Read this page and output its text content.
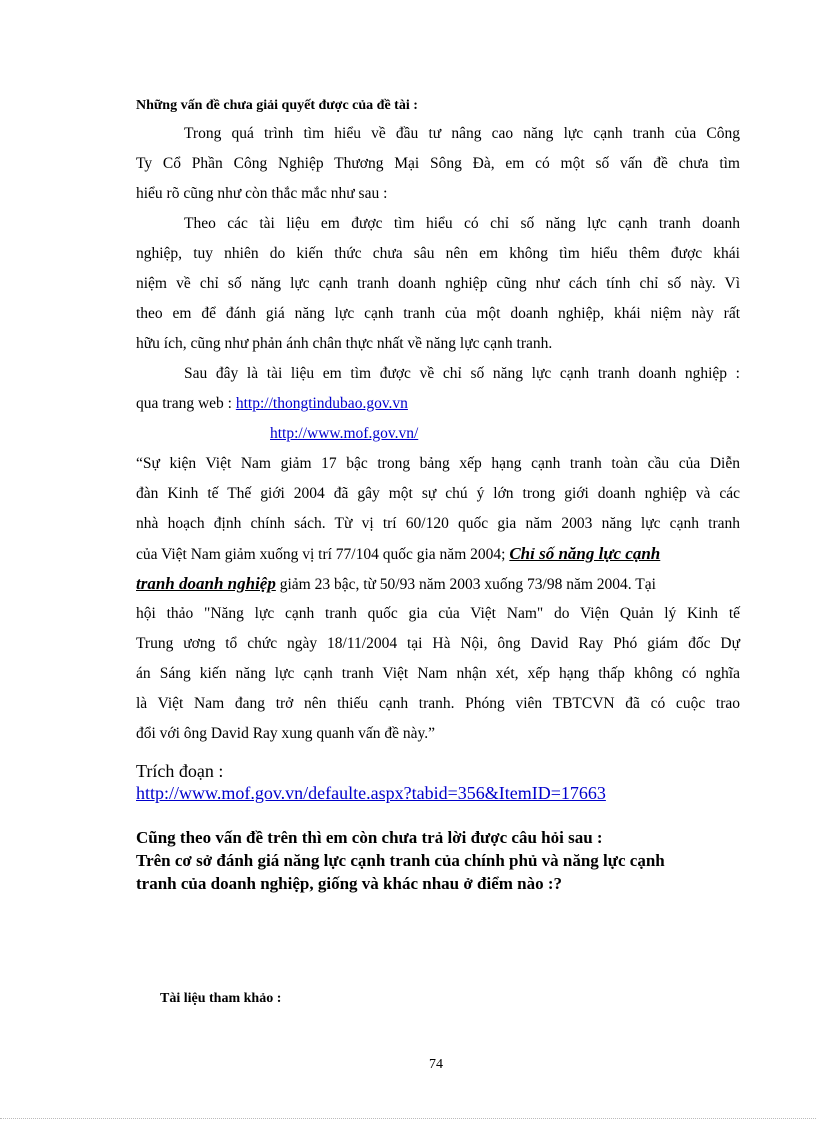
Những vấn đề chưa giải quyết được của đề tài :
Trong quá trình tìm hiểu về đầu tư nâng cao năng lực cạnh tranh của Công
Ty Cổ Phần Công Nghiệp Thương Mại Sông Đà, em có một số vấn đề chưa tìm
hiểu rõ cũng như còn thắc mắc như sau :
Theo các tài liệu em được tìm hiểu có chỉ số năng lực cạnh tranh doanh
nghiệp, tuy nhiên do kiến thức chưa sâu nên em không tìm hiểu thêm được khái
niệm về chỉ số năng lực cạnh tranh doanh nghiệp cũng như cách tính chỉ số này. Vì
theo em để đánh giá năng lực cạnh tranh của một doanh nghiệp, khái niệm này rất
hữu ích, cũng như phản ánh chân thực nhất về năng lực cạnh tranh.
Sau đây là tài liệu em tìm được về chỉ số năng lực cạnh tranh doanh nghiệp :
qua trang web : http://thongtindubao.gov.vn
http://www.mof.gov.vn/
“Sự kiện Việt Nam giảm 17 bậc trong bảng xếp hạng cạnh tranh toàn cầu của Diễn
đàn Kinh tế Thế giới 2004 đã gây một sự chú ý lớn trong giới doanh nghiệp và các
nhà hoạch định chính sách. Từ vị trí 60/120 quốc gia năm 2003 năng lực cạnh tranh
của Việt Nam giảm xuống vị trí 77/104 quốc gia năm 2004; Chỉ số năng lực cạnh
tranh doanh nghiệp giảm 23 bậc, từ 50/93 năm 2003 xuống 73/98 năm 2004. Tại
hội thảo "Năng lực cạnh tranh quốc gia của Việt Nam" do Viện Quản lý Kinh tế
Trung ương tổ chức ngày 18/11/2004 tại Hà Nội, ông David Ray Phó giám đốc Dự
án Sáng kiến năng lực cạnh tranh Việt Nam nhận xét, xếp hạng thấp không có nghĩa
là Việt Nam đang trở nên thiếu cạnh tranh. Phóng viên TBTCVN đã có cuộc trao
đổi với ông David Ray xung quanh vấn đề này.”
Trích đoạn :
http://www.mof.gov.vn/defaulte.aspx?tabid=356&ItemID=17663
Cũng theo vấn đề trên thì em còn chưa trả lời được câu hỏi sau :
Trên cơ sở đánh giá năng lực cạnh tranh của chính phủ và năng lực cạnh
tranh của doanh nghiệp, giống và khác nhau ở điểm nào :?
Tài liệu tham khảo :
74
